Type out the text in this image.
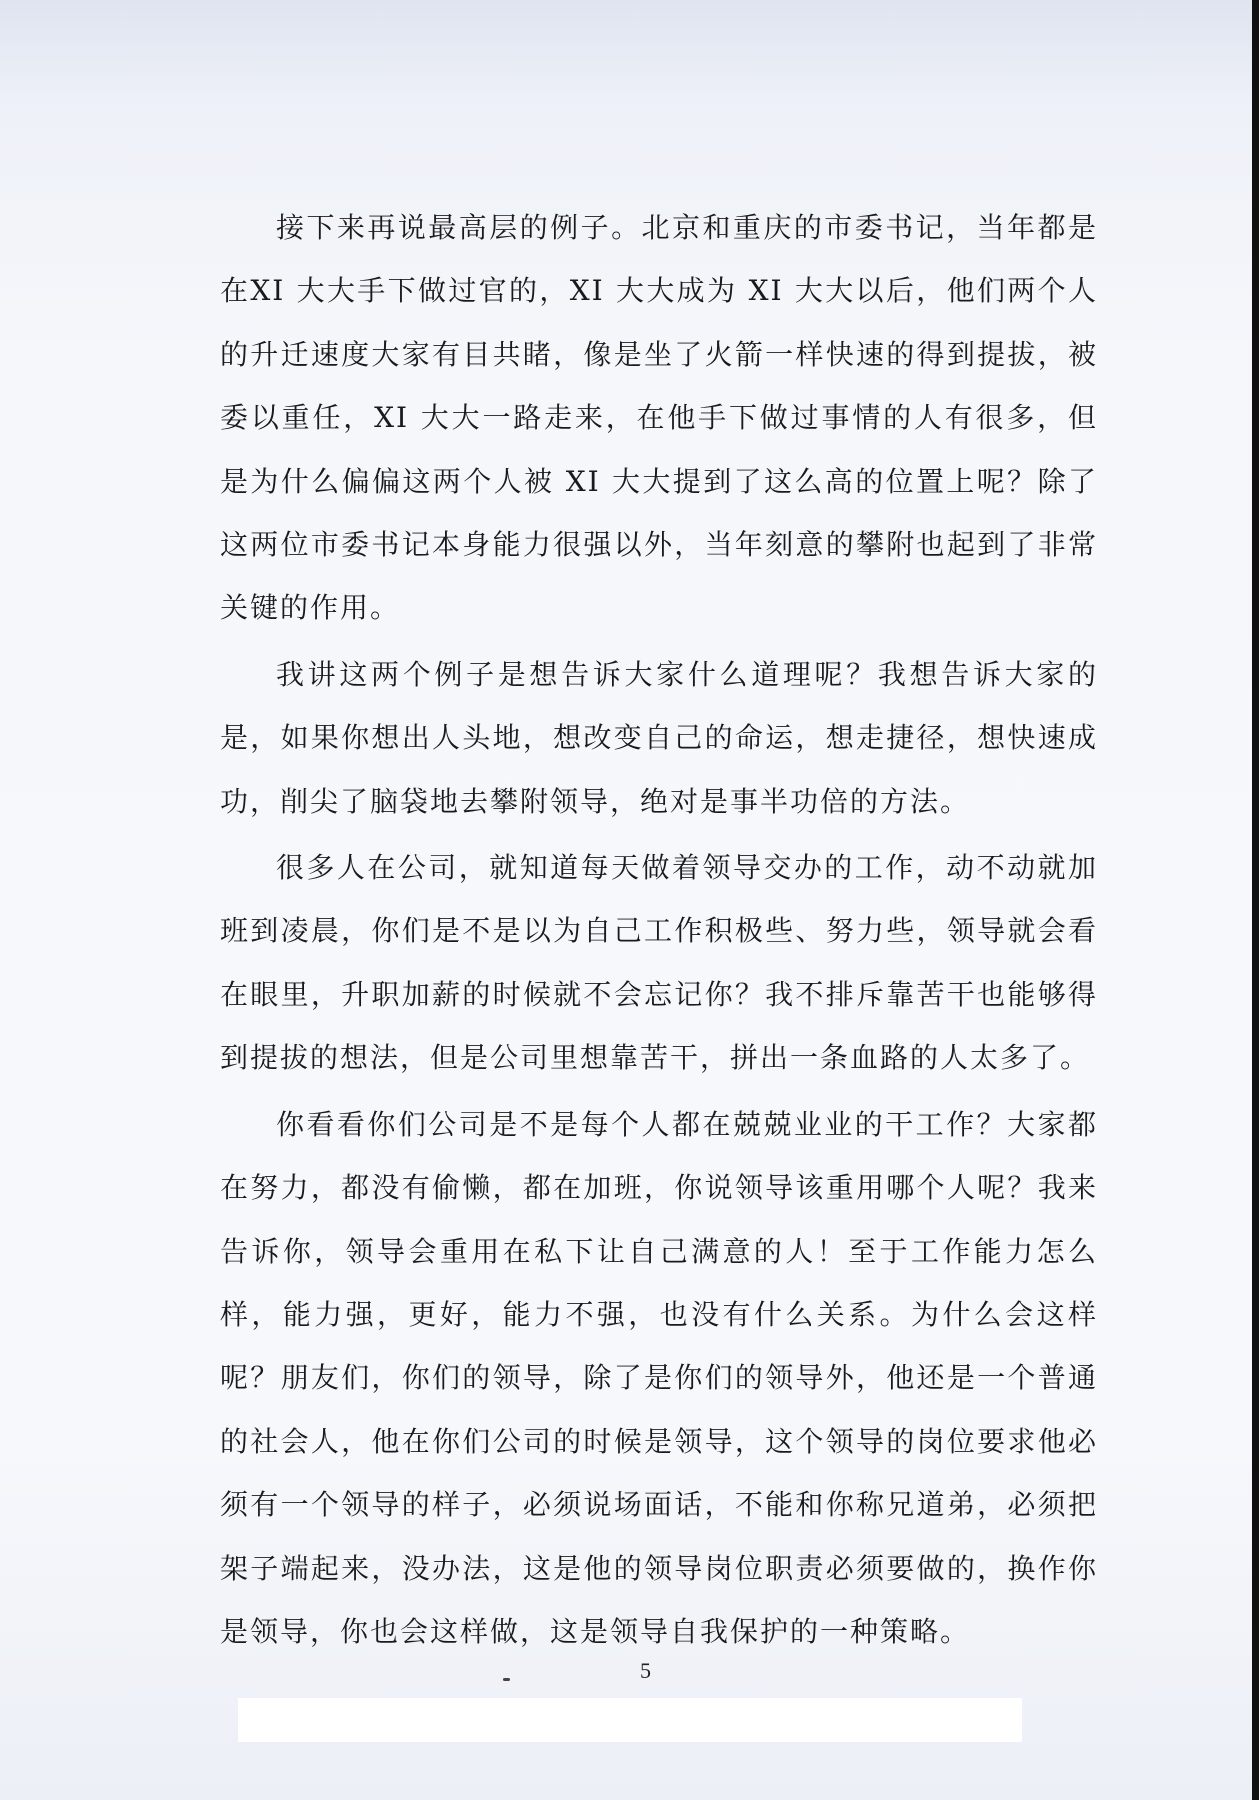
接下来再说最高层的例子。北京和重庆的市委书记，当年都是在XI 大大手下做过官的，XI 大大成为 XI 大大以后，他们两个人的升迁速度大家有目共睹，像是坐了火箭一样快速的得到提拔，被委以重任，XI 大大一路走来，在他手下做过事情的人有很多，但是为什么偏偏这两个人被 XI 大大提到了这么高的位置上呢？除了这两位市委书记本身能力很强以外，当年刻意的攀附也起到了非常关键的作用。

我讲这两个例子是想告诉大家什么道理呢？我想告诉大家的是，如果你想出人头地，想改变自己的命运，想走捷径，想快速成功，削尖了脑袋地去攀附领导，绝对是事半功倍的方法。

很多人在公司，就知道每天做着领导交办的工作，动不动就加班到凌晨，你们是不是以为自己工作积极些、努力些，领导就会看在眼里，升职加薪的时候就不会忘记你？我不排斥靠苦干也能够得到提拔的想法，但是公司里想靠苦干，拼出一条血路的人太多了。

你看看你们公司是不是每个人都在兢兢业业的干工作？大家都在努力，都没有偷懒，都在加班，你说领导该重用哪个人呢？我来告诉你，领导会重用在私下让自己满意的人！至于工作能力怎么样，能力强，更好，能力不强，也没有什么关系。为什么会这样呢？朋友们，你们的领导，除了是你们的领导外，他还是一个普通的社会人，他在你们公司的时候是领导，这个领导的岗位要求他必须有一个领导的样子，必须说场面话，不能和你称兄道弟，必须把架子端起来，没办法，这是他的领导岗位职责必须要做的，换作你是领导，你也会这样做，这是领导自我保护的一种策略。

5
